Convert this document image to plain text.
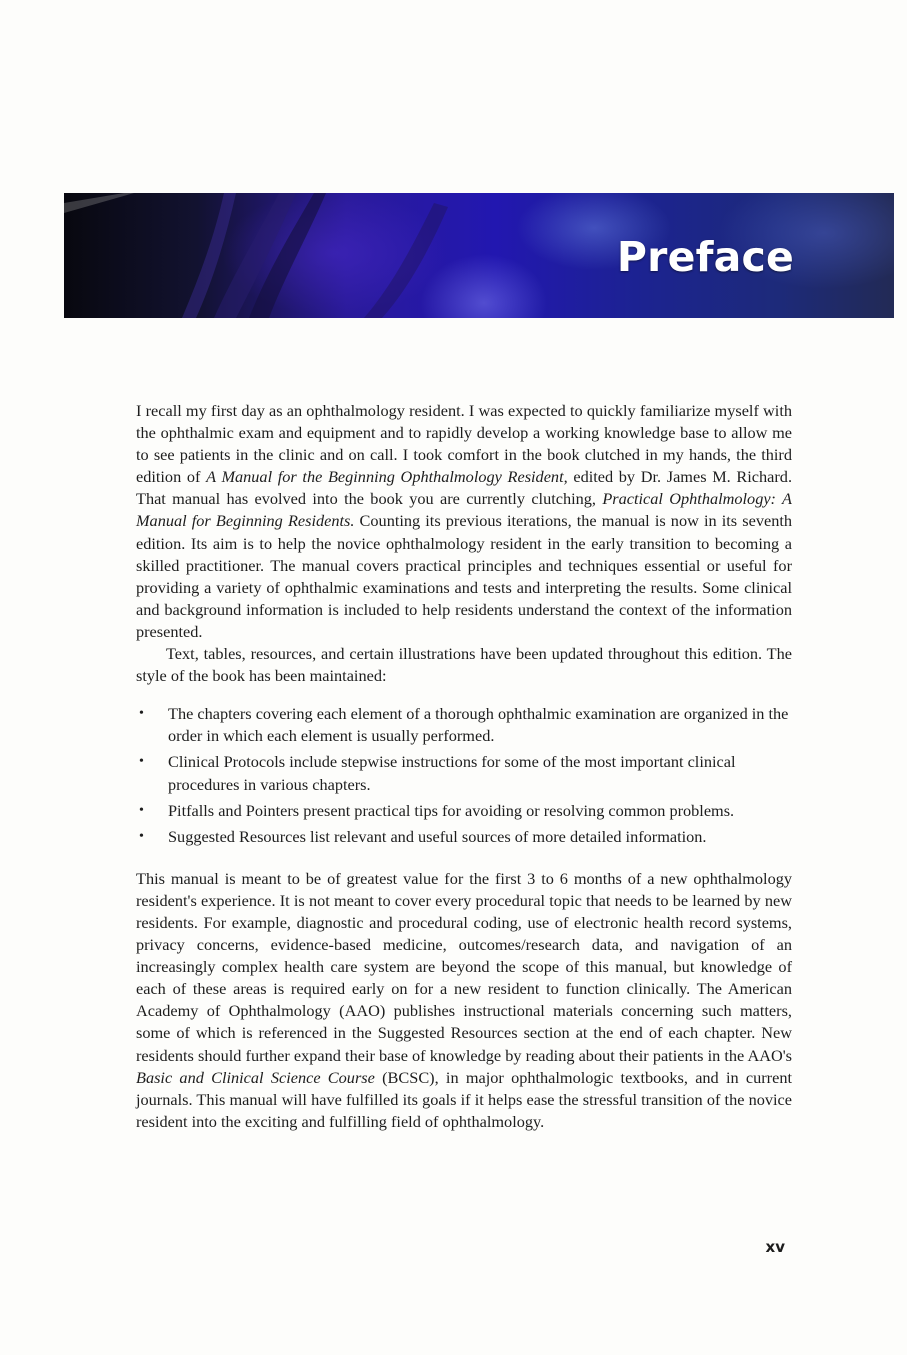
Preface

I recall my first day as an ophthalmology resident. I was expected to quickly familiarize myself with the ophthalmic exam and equipment and to rapidly develop a working knowledge base to allow me to see patients in the clinic and on call. I took comfort in the book clutched in my hands, the third edition of A Manual for the Beginning Ophthalmology Resident, edited by Dr. James M. Richard. That manual has evolved into the book you are currently clutching, Practical Ophthalmology: A Manual for Beginning Residents. Counting its previous iterations, the manual is now in its seventh edition. Its aim is to help the novice ophthalmology resident in the early transition to becoming a skilled practitioner. The manual covers practical principles and techniques essential or useful for providing a variety of ophthalmic examinations and tests and interpreting the results. Some clinical and background information is included to help residents understand the context of the information presented.

Text, tables, resources, and certain illustrations have been updated throughout this edition. The style of the book has been maintained:

• The chapters covering each element of a thorough ophthalmic examination are organized in the order in which each element is usually performed.
• Clinical Protocols include stepwise instructions for some of the most important clinical procedures in various chapters.
• Pitfalls and Pointers present practical tips for avoiding or resolving common problems.
• Suggested Resources list relevant and useful sources of more detailed information.

This manual is meant to be of greatest value for the first 3 to 6 months of a new ophthalmology resident's experience. It is not meant to cover every procedural topic that needs to be learned by new residents. For example, diagnostic and procedural coding, use of electronic health record systems, privacy concerns, evidence-based medicine, outcomes/research data, and navigation of an increasingly complex health care system are beyond the scope of this manual, but knowledge of each of these areas is required early on for a new resident to function clinically. The American Academy of Ophthalmology (AAO) publishes instructional materials concerning such matters, some of which is referenced in the Suggested Resources section at the end of each chapter. New residents should further expand their base of knowledge by reading about their patients in the AAO's Basic and Clinical Science Course (BCSC), in major ophthalmologic textbooks, and in current journals. This manual will have fulfilled its goals if it helps ease the stressful transition of the novice resident into the exciting and fulfilling field of ophthalmology.

xv
